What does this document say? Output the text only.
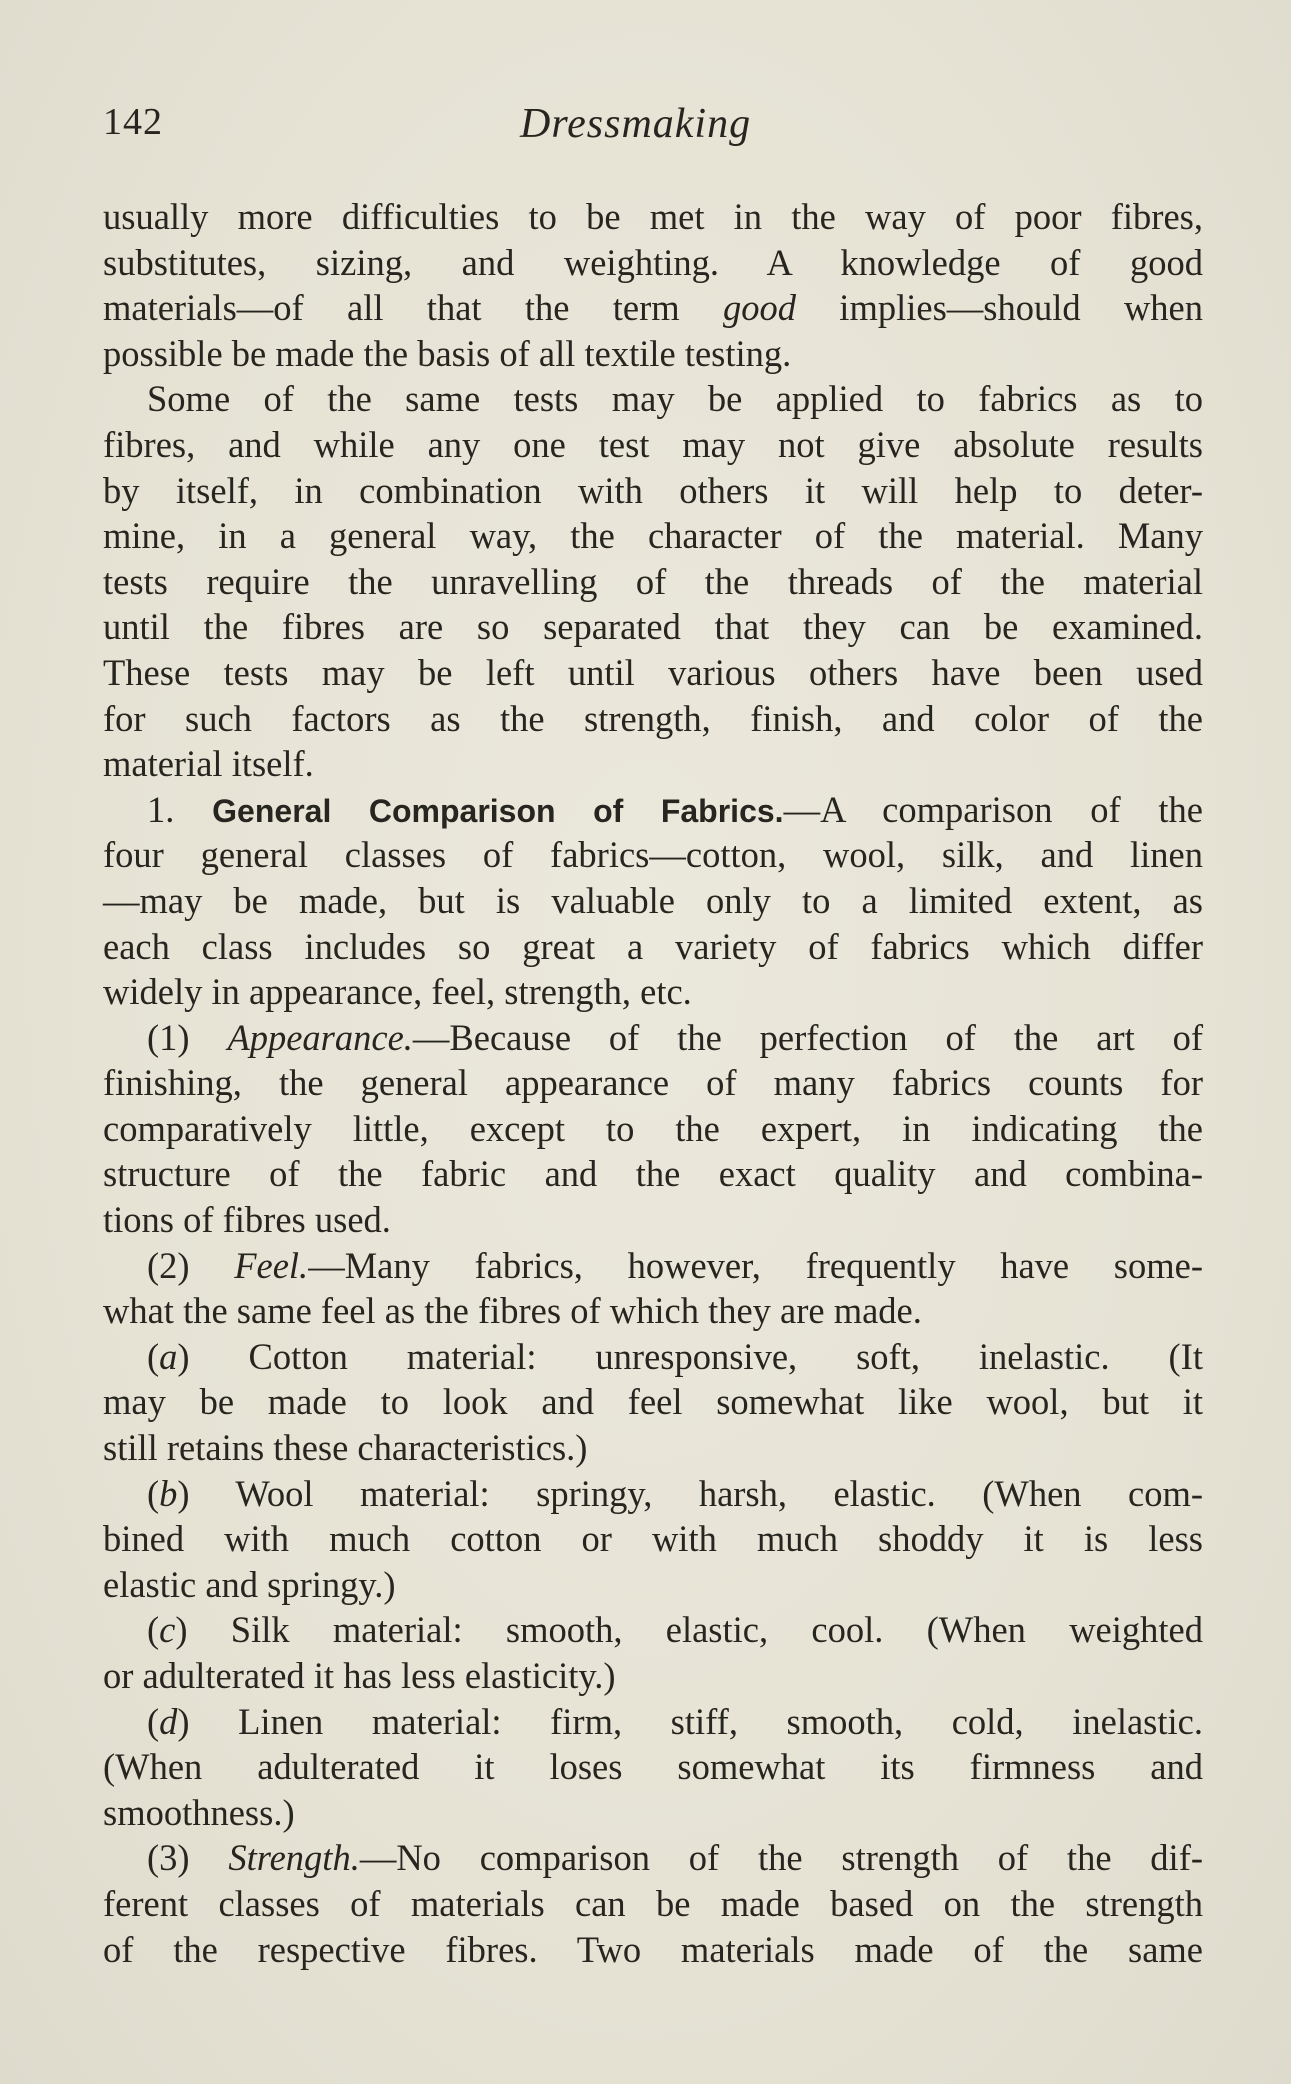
142	Dressmaking
usually more difficulties to be met in the way of poor fibres,
substitutes, sizing, and weighting. A knowledge of good
materials—of all that the term good implies—should when
possible be made the basis of all textile testing.
Some of the same tests may be applied to fabrics as to
fibres, and while any one test may not give absolute results
by itself, in combination with others it will help to deter-
mine, in a general way, the character of the material. Many
tests require the unravelling of the threads of the material
until the fibres are so separated that they can be examined.
These tests may be left until various others have been used
for such factors as the strength, finish, and color of the
material itself.
1. General Comparison of Fabrics.—A comparison of the
four general classes of fabrics—cotton, wool, silk, and linen
—may be made, but is valuable only to a limited extent, as
each class includes so great a variety of fabrics which differ
widely in appearance, feel, strength, etc.
(1) Appearance.—Because of the perfection of the art of
finishing, the general appearance of many fabrics counts for
comparatively little, except to the expert, in indicating the
structure of the fabric and the exact quality and combina-
tions of fibres used.
(2) Feel.—Many fabrics, however, frequently have some-
what the same feel as the fibres of which they are made.
(a) Cotton material: unresponsive, soft, inelastic. (It
may be made to look and feel somewhat like wool, but it
still retains these characteristics.)
(b) Wool material: springy, harsh, elastic. (When com-
bined with much cotton or with much shoddy it is less
elastic and springy.)
(c) Silk material: smooth, elastic, cool. (When weighted
or adulterated it has less elasticity.)
(d) Linen material: firm, stiff, smooth, cold, inelastic.
(When adulterated it loses somewhat its firmness and
smoothness.)
(3) Strength.—No comparison of the strength of the dif-
ferent classes of materials can be made based on the strength
of the respective fibres. Two materials made of the same
